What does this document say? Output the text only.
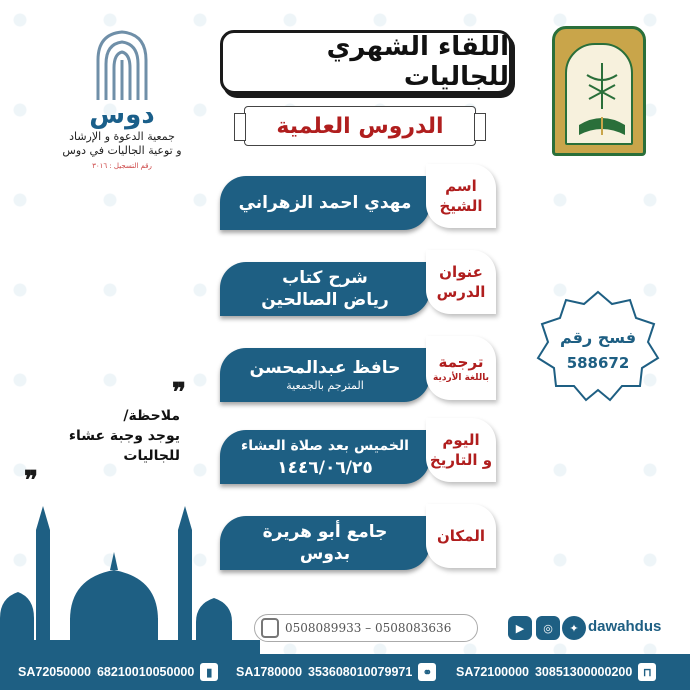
دوس
جمعية الدعوة و الإرشاد
و توعية الجاليات في دوس
رقم التسجيل : ٣٠١٦
اللقاء الشهري للجاليات
الدروس العلمية
مهدي احمد الزهراني
اسم
الشيخ
شرح كتاب
رياض الصالحين
عنوان
الدرس
حافظ عبدالمحسن
المترجم بالجمعية
ترجمة
باللغة الأردية
الخميس بعد صلاة العشاء
١٤٤٦/٠٦/٢٥
اليوم
و التاريخ
جامع أبو هريرة
بدوس
المكان
فسح رقم
588672
❞
ملاحظة/
يوجد وجبة عشاء
للجاليات
❞
0508089933 – 0508083636	▶	◎	✦ dawahdus
SA72050000 68210010050000	▮	SA1780000 353608010079971 ⚭	SA72100000 30851300000200 ⊓
